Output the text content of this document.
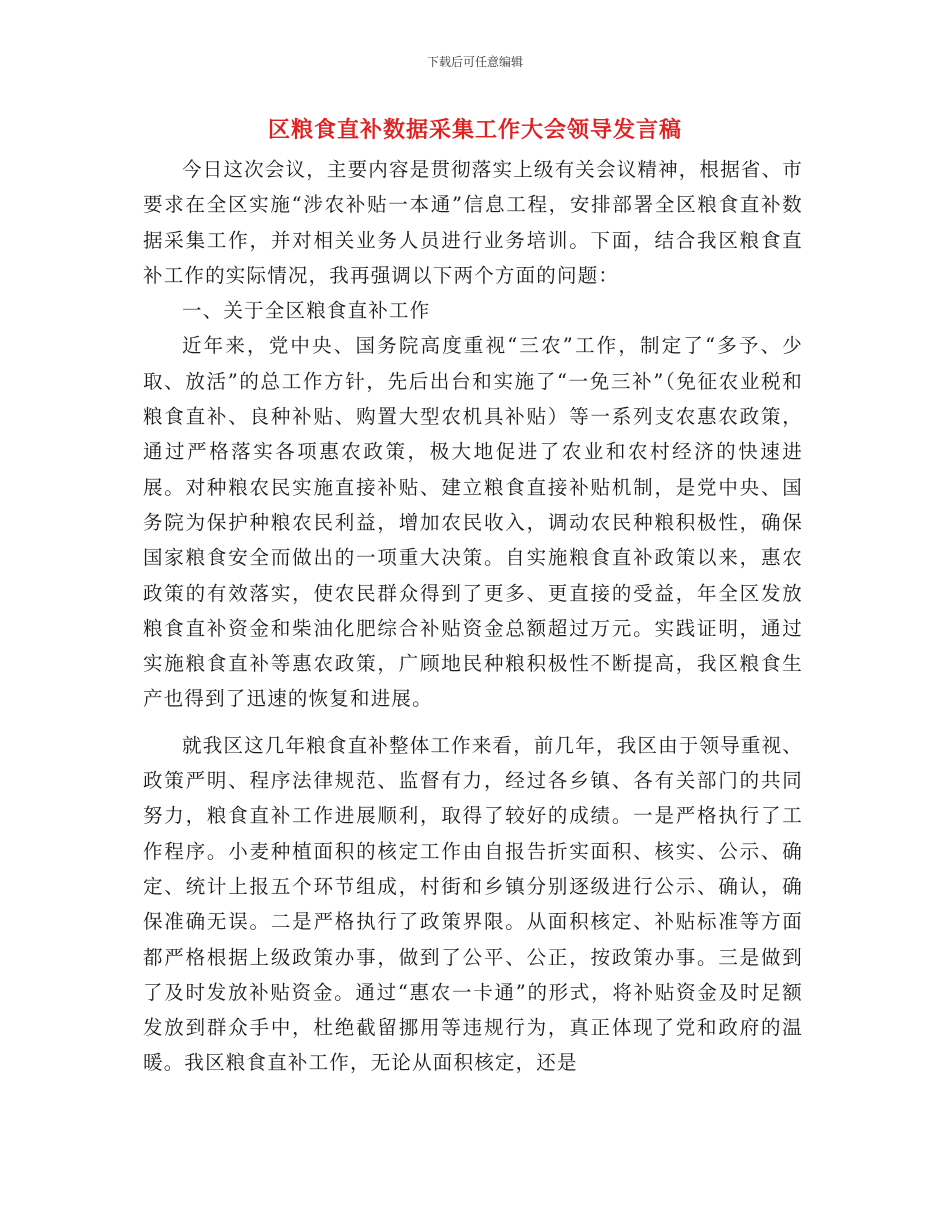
下载后可任意编辑
区粮食直补数据采集工作大会领导发言稿

今日这次会议，主要内容是贯彻落实上级有关会议精神，根据省、市要求在全区实施“涉农补贴一本通”信息工程，安排部署全区粮食直补数据采集工作，并对相关业务人员进行业务培训。下面，结合我区粮食直补工作的实际情况，我再强调以下两个方面的问题：

一、关于全区粮食直补工作

近年来，党中央、国务院高度重视“三农”工作，制定了“多予、少取、放活”的总工作方针，先后出台和实施了“一免三补”（免征农业税和粮食直补、良种补贴、购置大型农机具补贴）等一系列支农惠农政策，通过严格落实各项惠农政策，极大地促进了农业和农村经济的快速进展。对种粮农民实施直接补贴、建立粮食直接补贴机制，是党中央、国务院为保护种粮农民利益，增加农民收入，调动农民种粮积极性，确保国家粮食安全而做出的一项重大决策。自实施粮食直补政策以来，惠农政策的有效落实，使农民群众得到了更多、更直接的受益，年全区发放粮食直补资金和柴油化肥综合补贴资金总额超过万元。实践证明，通过实施粮食直补等惠农政策，广顾地民种粮积极性不断提高，我区粮食生产也得到了迅速的恢复和进展。

就我区这几年粮食直补整体工作来看，前几年，我区由于领导重视、政策严明、程序法律规范、监督有力，经过各乡镇、各有关部门的共同努力，粮食直补工作进展顺利，取得了较好的成绩。一是严格执行了工作程序。小麦种植面积的核定工作由自报告折实面积、核实、公示、确定、统计上报五个环节组成，村街和乡镇分别逐级进行公示、确认，确保准确无误。二是严格执行了政策界限。从面积核定、补贴标准等方面都严格根据上级政策办事，做到了公平、公正，按政策办事。三是做到了及时发放补贴资金。通过“惠农一卡通”的形式，将补贴资金及时足额发放到群众手中，杜绝截留挪用等违规行为，真正体现了党和政府的温暖。我区粮食直补工作，无论从面积核定，还是
